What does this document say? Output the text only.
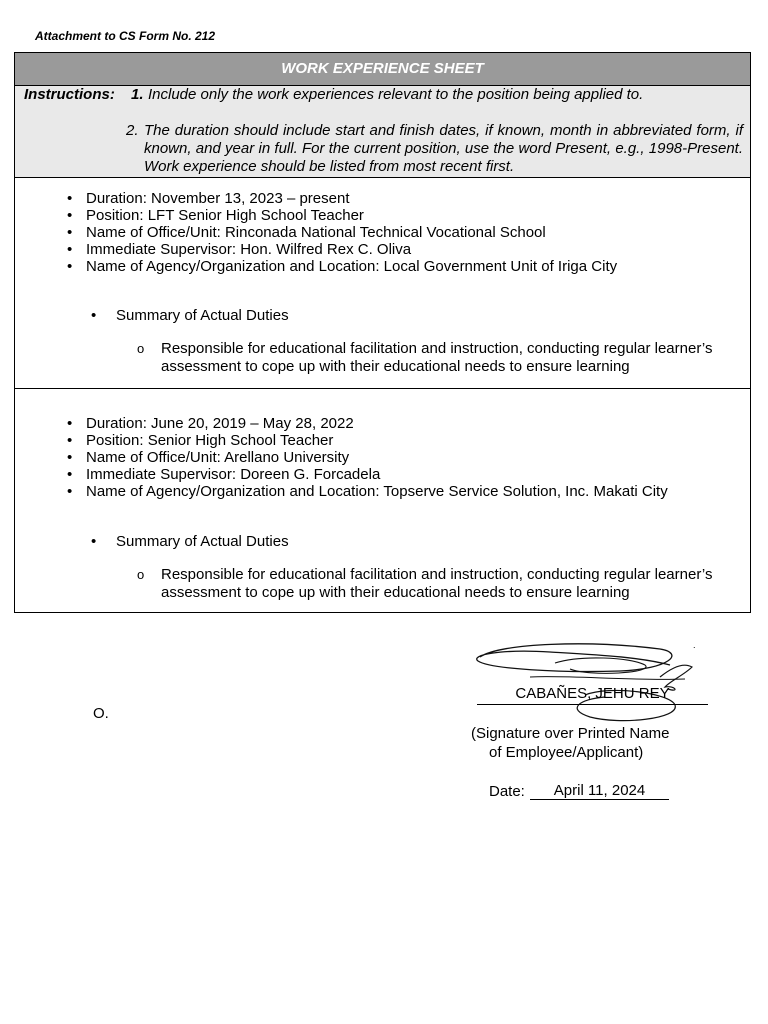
Attachment to CS Form No. 212
WORK EXPERIENCE SHEET
Instructions: 1. Include only the work experiences relevant to the position being applied to.
2. The duration should include start and finish dates, if known, month in abbreviated form, if known, and year in full. For the current position, use the word Present, e.g., 1998-Present. Work experience should be listed from most recent first.
• Duration: November 13, 2023 – present
• Position: LFT Senior High School Teacher
• Name of Office/Unit: Rinconada National Technical Vocational School
• Immediate Supervisor: Hon. Wilfred Rex C. Oliva
• Name of Agency/Organization and Location: Local Government Unit of Iriga City
• Summary of Actual Duties
o Responsible for educational facilitation and instruction, conducting regular learner’s assessment to cope up with their educational needs to ensure learning
• Duration: June 20, 2019 – May 28, 2022
• Position: Senior High School Teacher
• Name of Office/Unit: Arellano University
• Immediate Supervisor: Doreen G. Forcadela
• Name of Agency/Organization and Location: Topserve Service Solution, Inc. Makati City
• Summary of Actual Duties
o Responsible for educational facilitation and instruction, conducting regular learner’s assessment to cope up with their educational needs to ensure learning
O.
.
CABAÑES, JEHU REY
(Signature over Printed Name
of Employee/Applicant)
Date:	April 11, 2024
